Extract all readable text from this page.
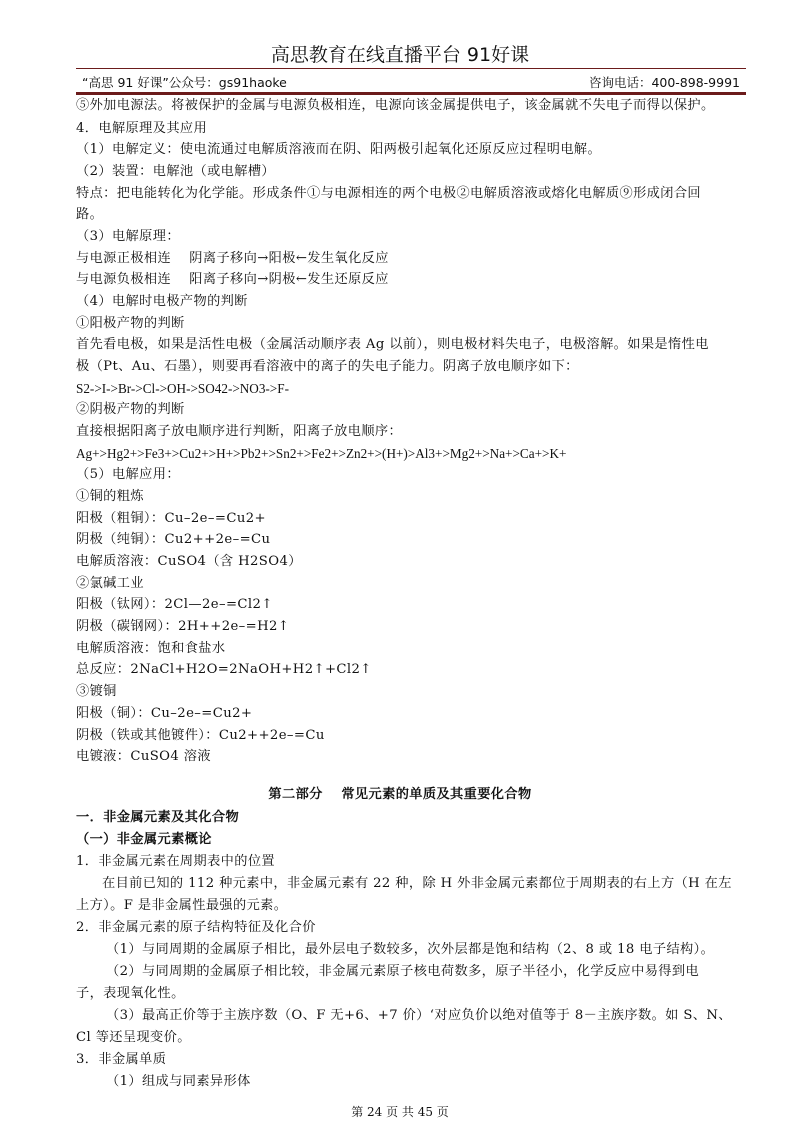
高思教育在线直播平台 91好课
“高思 91 好课”公众号：gs91haoke	咨询电话：400-898-9991
⑤外加电源法。将被保护的金属与电源负极相连，电源向该金属提供电子，该金属就不失电子而得以保护。
4．电解原理及其应用
（1）电解定义：使电流通过电解质溶液而在阴、阳两极引起氧化还原反应过程明电解。
（2）装置：电解池（或电解槽）
特点：把电能转化为化学能。形成条件①与电源相连的两个电极②电解质溶液或熔化电解质⑨形成闭合回
路。
（3）电解原理：
与电源正极相连　 阴离子移向→阳极←发生氧化反应
与电源负极相连　 阳离子移向→阴极←发生还原反应
（4）电解时电极产物的判断
①阳极产物的判断
首先看电极，如果是活性电极（金属活动顺序表 Ag 以前），则电极材料失电子，电极溶解。如果是惰性电
极（Pt、Au、石墨），则要再看溶液中的离子的失电子能力。阴离子放电顺序如下：
S2->I->Br->Cl->OH->SO42->NO3->F-
②阴极产物的判断
直接根据阳离子放电顺序进行判断，阳离子放电顺序：
Ag+>Hg2+>Fe3+>Cu2+>H+>Pb2+>Sn2+>Fe2+>Zn2+>(H+)>Al3+>Mg2+>Na+>Ca+>K+
（5）电解应用：
①铜的粗炼
阳极（粗铜）：Cu–2e–=Cu2+
阴极（纯铜）：Cu2++2e–=Cu
电解质溶液：CuSO4（含 H2SO4）
②氯碱工业
阳极（钛网）：2Cl—2e–=Cl2↑
阴极（碳钢网）：2H++2e–=H2↑
电解质溶液：饱和食盐水
总反应：2NaCl+H2O=2NaOH+H2↑+Cl2↑
③镀铜
阳极（铜）：Cu–2e–=Cu2+
阴极（铁或其他镀件）：Cu2++2e–=Cu
电镀液：CuSO4 溶液
第二部分　 常见元素的单质及其重要化合物
一．非金属元素及其化合物
（一）非金属元素概论
1．非金属元素在周期表中的位置
在目前已知的 112 种元素中，非金属元素有 22 种，除 H 外非金属元素都位于周期表的右上方（H 在左
上方）。F 是非金属性最强的元素。
2．非金属元素的原子结构特征及化合价
（1）与同周期的金属原子相比，最外层电子数较多，次外层都是饱和结构（2、8 或 18 电子结构）。
（2）与同周期的金属原子相比较，非金属元素原子核电荷数多，原子半径小，化学反应中易得到电
子，表现氧化性。
（3）最高正价等于主族序数（O、F 无+6、+7 价）‘对应负价以绝对值等于 8－主族序数。如 S、N、
Cl 等还呈现变价。
3．非金属单质
（1）组成与同素异形体
第 24 页 共 45 页
